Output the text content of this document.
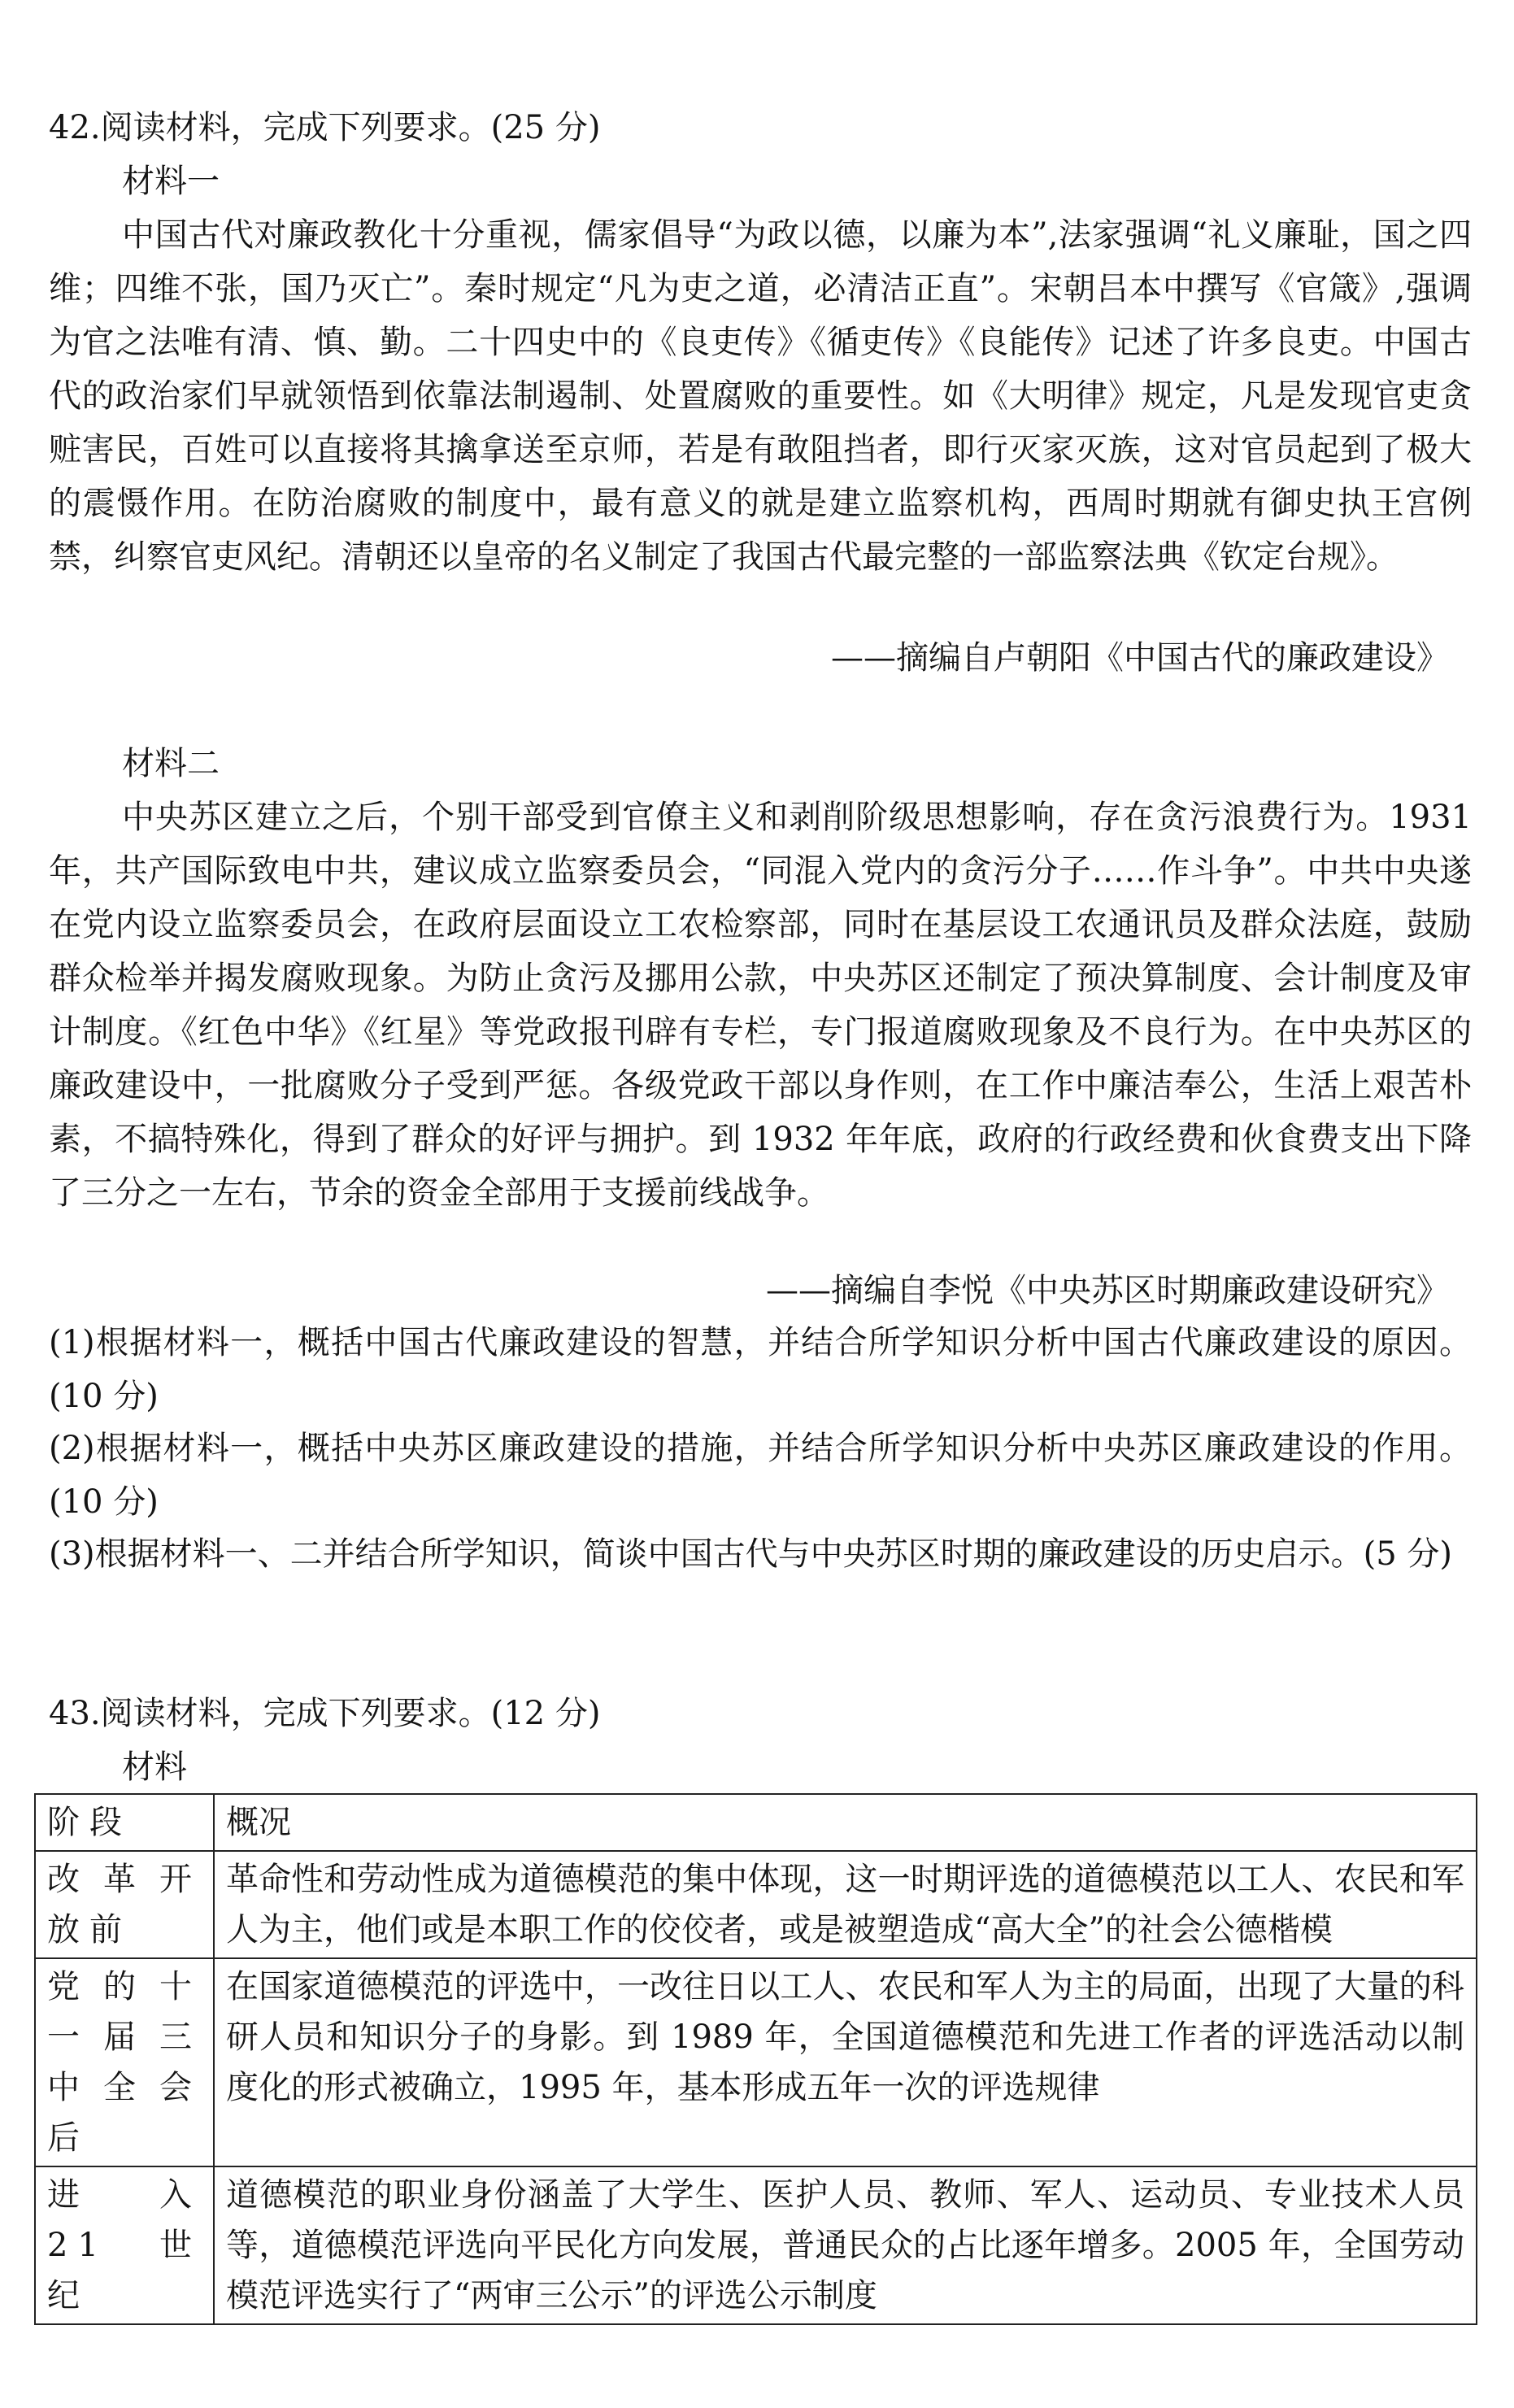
42.阅读材料，完成下列要求。(25 分)
材料一
中国古代对廉政教化十分重视，儒家倡导“为政以德，以廉为本”,法家强调“礼义廉耻，国之四维；四维不张，国乃灭亡”。秦时规定“凡为吏之道，必清洁正直”。宋朝吕本中撰写《官箴》,强调为官之法唯有清、慎、勤。二十四史中的《良吏传》《循吏传》《良能传》记述了许多良吏。中国古代的政治家们早就领悟到依靠法制遏制、处置腐败的重要性。如《大明律》规定，凡是发现官吏贪赃害民，百姓可以直接将其擒拿送至京师，若是有敢阻挡者，即行灭家灭族，这对官员起到了极大的震慑作用。在防治腐败的制度中，最有意义的就是建立监察机构，西周时期就有御史执王宫例禁，纠察官吏风纪。清朝还以皇帝的名义制定了我国古代最完整的一部监察法典《钦定台规》。
——摘编自卢朝阳《中国古代的廉政建设》
材料二
中央苏区建立之后，个别干部受到官僚主义和剥削阶级思想影响，存在贪污浪费行为。1931 年，共产国际致电中共，建议成立监察委员会，“同混入党内的贪污分子……作斗争”。中共中央遂在党内设立监察委员会，在政府层面设立工农检察部，同时在基层设工农通讯员及群众法庭，鼓励群众检举并揭发腐败现象。为防止贪污及挪用公款，中央苏区还制定了预决算制度、会计制度及审计制度。《红色中华》《红星》等党政报刊辟有专栏，专门报道腐败现象及不良行为。在中央苏区的廉政建设中，一批腐败分子受到严惩。各级党政干部以身作则，在工作中廉洁奉公，生活上艰苦朴素，不搞特殊化，得到了群众的好评与拥护。到 1932 年年底，政府的行政经费和伙食费支出下降了三分之一左右，节余的资金全部用于支援前线战争。
——摘编自李悦《中央苏区时期廉政建设研究》
(1)根据材料一，概括中国古代廉政建设的智慧，并结合所学知识分析中国古代廉政建设的原因。(10 分)
(2)根据材料一，概括中央苏区廉政建设的措施，并结合所学知识分析中央苏区廉政建设的作用。(10 分)
(3)根据材料一、二并结合所学知识，简谈中国古代与中央苏区时期的廉政建设的历史启示。(5 分)
43.阅读材料，完成下列要求。(12 分)
材料
阶段	概况
改革开放前	革命性和劳动性成为道德模范的集中体现，这一时期评选的道德模范以工人、农民和军人为主，他们或是本职工作的佼佼者，或是被塑造成“高大全”的社会公德楷模
党的十一届三中全会后	在国家道德模范的评选中，一改往日以工人、农民和军人为主的局面，出现了大量的科研人员和知识分子的身影。到 1989 年，全国道德模范和先进工作者的评选活动以制度化的形式被确立，1995 年，基本形成五年一次的评选规律
进入 21 世纪	道德模范的职业身份涵盖了大学生、医护人员、教师、军人、运动员、专业技术人员等，道德模范评选向平民化方向发展，普通民众的占比逐年增多。2005 年，全国劳动模范评选实行了“两审三公示”的评选公示制度
